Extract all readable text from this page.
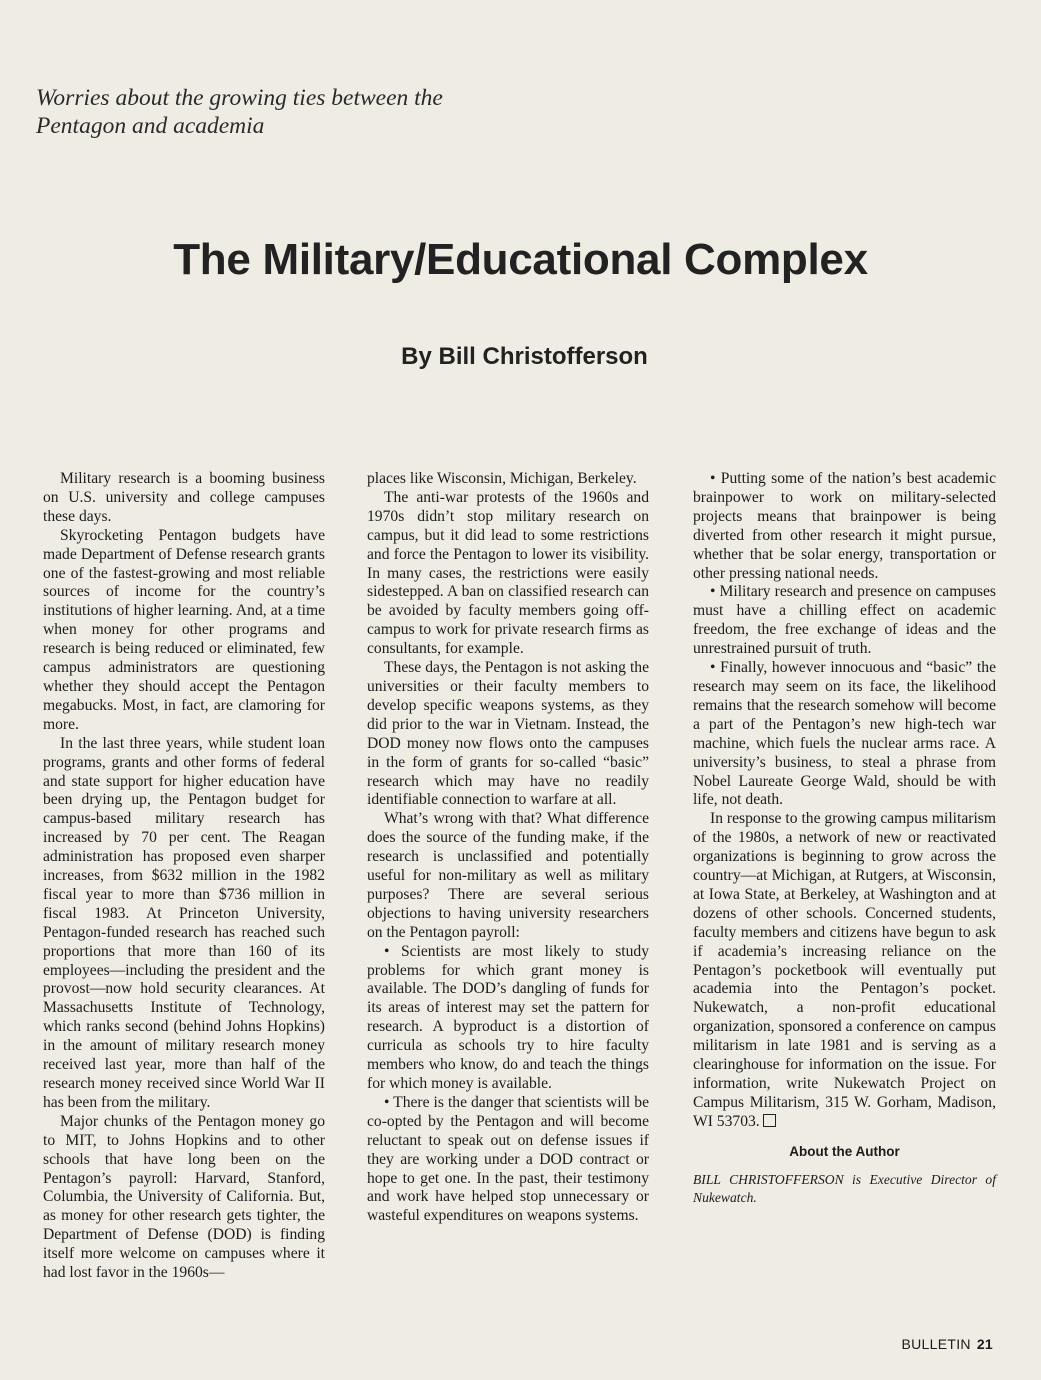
Worries about the growing ties between the Pentagon and academia
The Military/Educational Complex
By Bill Christofferson

Military research is a booming business on U.S. university and college campuses these days.

Skyrocketing Pentagon budgets have made Department of Defense research grants one of the fastest-growing and most reliable sources of income for the country’s institutions of higher learning. And, at a time when money for other programs and research is being reduced or eliminated, few campus administrators are questioning whether they should accept the Pentagon megabucks. Most, in fact, are clamoring for more.

In the last three years, while student loan programs, grants and other forms of federal and state support for higher education have been drying up, the Pentagon budget for campus-based military research has increased by 70 per cent. The Reagan administration has proposed even sharper increases, from $632 million in the 1982 fiscal year to more than $736 million in fiscal 1983. At Princeton University, Pentagon-funded research has reached such proportions that more than 160 of its employees—including the president and the provost—now hold security clearances. At Massachusetts Institute of Technology, which ranks second (behind Johns Hopkins) in the amount of military research money received last year, more than half of the research money received since World War II has been from the military.

Major chunks of the Pentagon money go to MIT, to Johns Hopkins and to other schools that have long been on the Pentagon’s payroll: Harvard, Stanford, Columbia, the University of California. But, as money for other research gets tighter, the Department of Defense (DOD) is finding itself more welcome on campuses where it had lost favor in the 1960s—

places like Wisconsin, Michigan, Berkeley.

The anti-war protests of the 1960s and 1970s didn’t stop military research on campus, but it did lead to some restrictions and force the Pentagon to lower its visibility. In many cases, the restrictions were easily sidestepped. A ban on classified research can be avoided by faculty members going off-campus to work for private research firms as consultants, for example.

These days, the Pentagon is not asking the universities or their faculty members to develop specific weapons systems, as they did prior to the war in Vietnam. Instead, the DOD money now flows onto the campuses in the form of grants for so-called “basic” research which may have no readily identifiable connection to warfare at all.

What’s wrong with that? What difference does the source of the funding make, if the research is unclassified and potentially useful for non-military as well as military purposes? There are several serious objections to having university researchers on the Pentagon payroll:

• Scientists are most likely to study problems for which grant money is available. The DOD’s dangling of funds for its areas of interest may set the pattern for research. A byproduct is a distortion of curricula as schools try to hire faculty members who know, do and teach the things for which money is available.

• There is the danger that scientists will be co-opted by the Pentagon and will become reluctant to speak out on defense issues if they are working under a DOD contract or hope to get one. In the past, their testimony and work have helped stop unnecessary or wasteful expenditures on weapons systems.

• Putting some of the nation’s best academic brainpower to work on military-selected projects means that brainpower is being diverted from other research it might pursue, whether that be solar energy, transportation or other pressing national needs.

• Military research and presence on campuses must have a chilling effect on academic freedom, the free exchange of ideas and the unrestrained pursuit of truth.

• Finally, however innocuous and “basic” the research may seem on its face, the likelihood remains that the research somehow will become a part of the Pentagon’s new high-tech war machine, which fuels the nuclear arms race. A university’s business, to steal a phrase from Nobel Laureate George Wald, should be with life, not death.

In response to the growing campus militarism of the 1980s, a network of new or reactivated organizations is beginning to grow across the country—at Michigan, at Rutgers, at Wisconsin, at Iowa State, at Berkeley, at Washington and at dozens of other schools. Concerned students, faculty members and citizens have begun to ask if academia’s increasing reliance on the Pentagon’s pocketbook will eventually put academia into the Pentagon’s pocket. Nukewatch, a non-profit educational organization, sponsored a conference on campus militarism in late 1981 and is serving as a clearinghouse for information on the issue. For information, write Nukewatch Project on Campus Militarism, 315 W. Gorham, Madison, WI 53703.

About the Author

BILL CHRISTOFFERSON is Executive Director of Nukewatch.

BULLETIN 21
